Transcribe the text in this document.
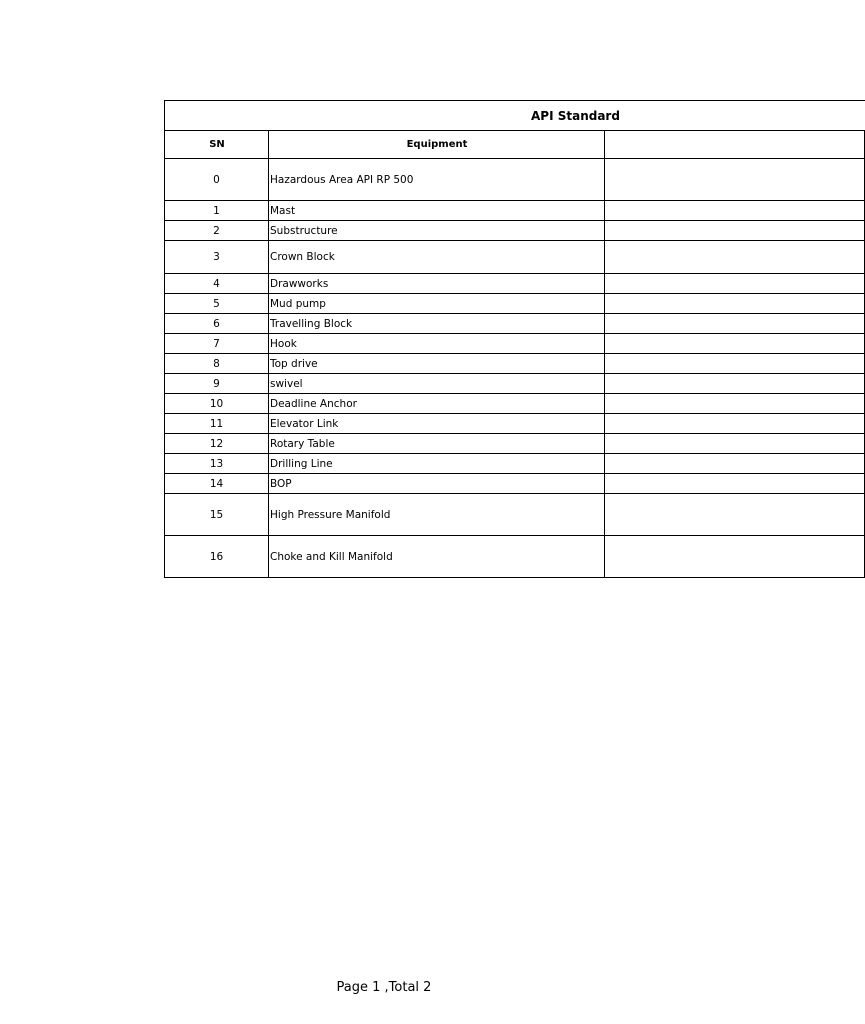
API Standard		
SN	Equipment	
0	Hazardous Area API RP 500	
1	Mast	
2	Substructure	
3	Crown Block	
4	Drawworks	
5	Mud pump	
6	Travelling Block	
7	Hook	
8	Top drive	
9	swivel	
10	Deadline Anchor	
11	Elevator Link	
12	Rotary Table	
13	Drilling Line	
14	BOP	
15	High Pressure Manifold	
16	Choke and Kill Manifold	
Page 1 ,Total 2
